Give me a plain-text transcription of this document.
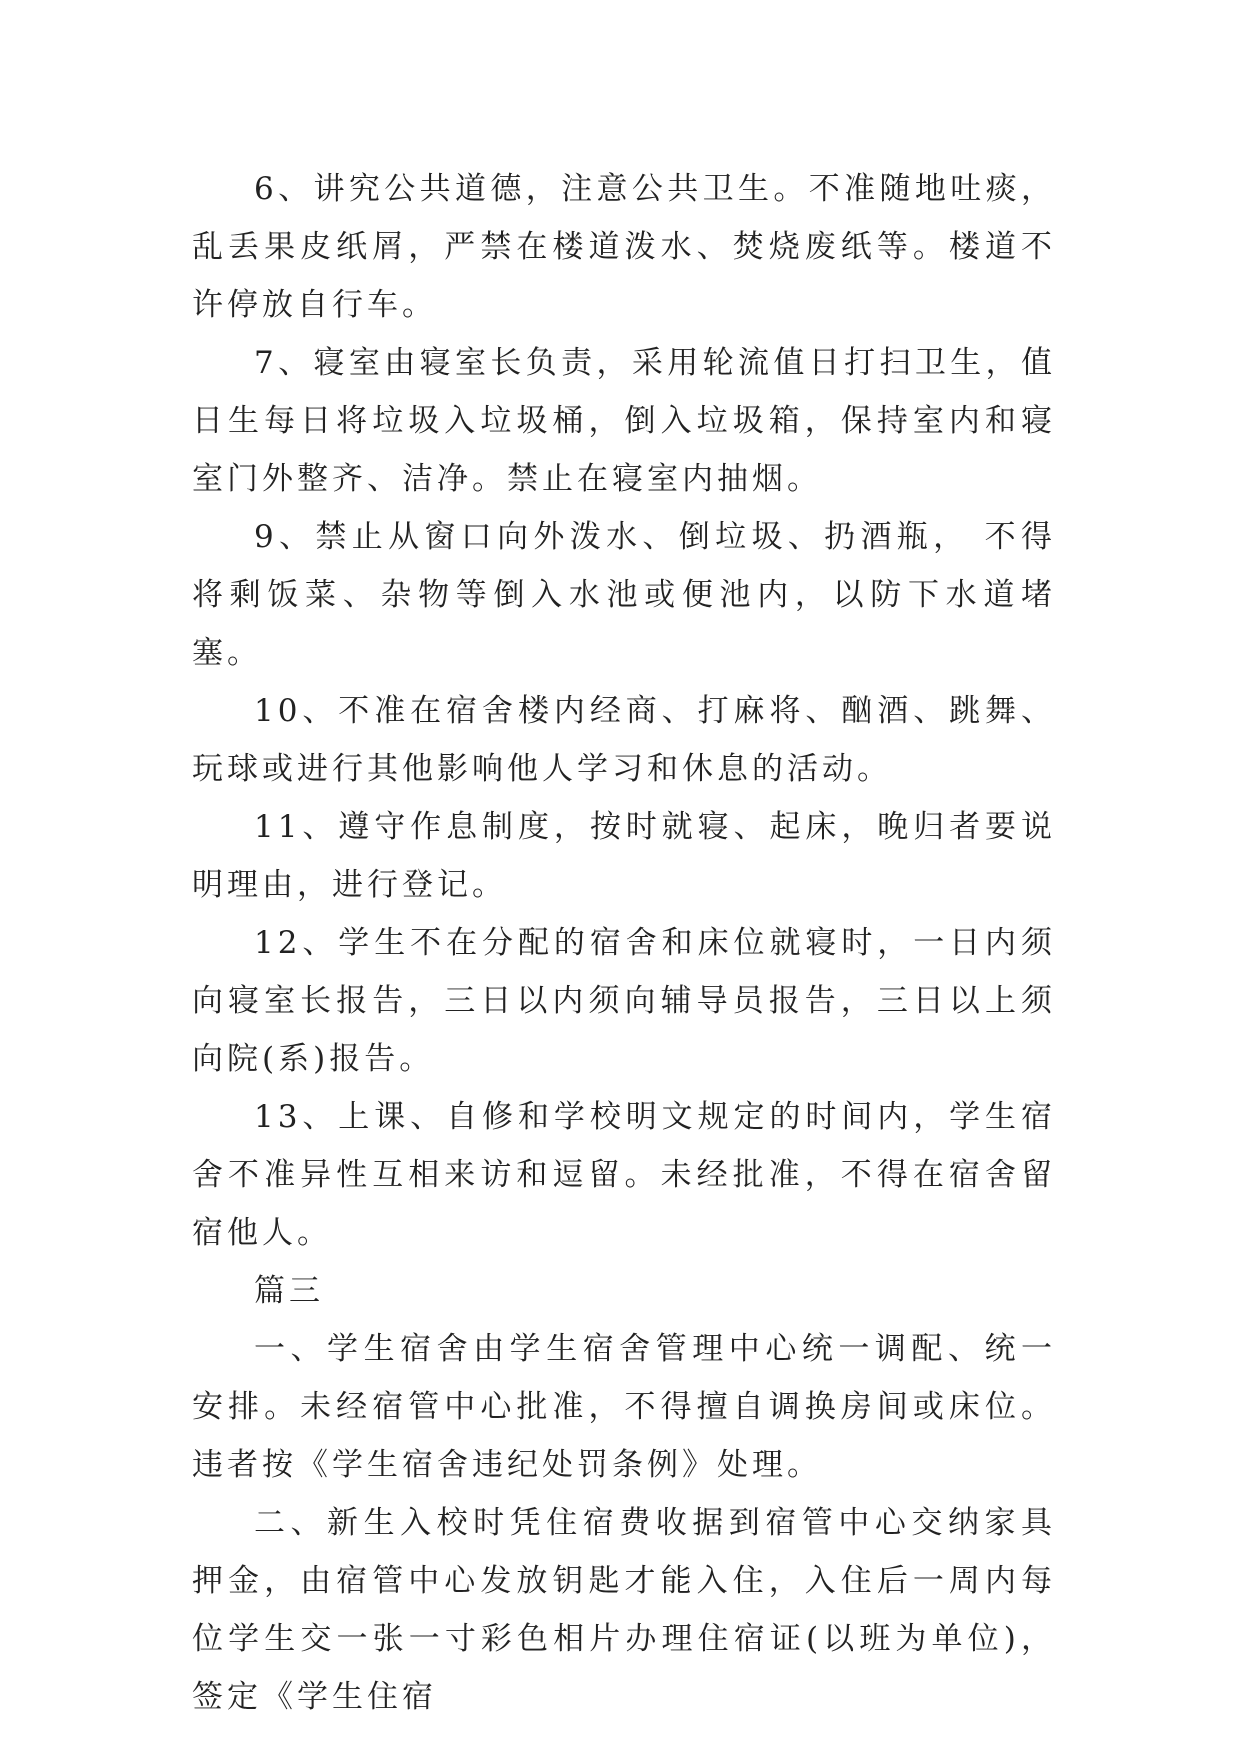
6、讲究公共道德，注意公共卫生。不准随地吐痰，乱丢果皮纸屑，严禁在楼道泼水、焚烧废纸等。楼道不许停放自行车。

7、寝室由寝室长负责，采用轮流值日打扫卫生，值日生每日将垃圾入垃圾桶，倒入垃圾箱，保持室内和寝室门外整齐、洁净。禁止在寝室内抽烟。

9、禁止从窗口向外泼水、倒垃圾、扔酒瓶， 不得将剩饭菜、杂物等倒入水池或便池内，以防下水道堵塞。

10、不准在宿舍楼内经商、打麻将、酗酒、跳舞、玩球或进行其他影响他人学习和休息的活动。

11、遵守作息制度，按时就寝、起床，晚归者要说明理由，进行登记。

12、学生不在分配的宿舍和床位就寝时，一日内须向寝室长报告，三日以内须向辅导员报告，三日以上须向院(系)报告。

13、上课、自修和学校明文规定的时间内，学生宿舍不准异性互相来访和逗留。未经批准，不得在宿舍留宿他人。

篇三

一、学生宿舍由学生宿舍管理中心统一调配、统一安排。未经宿管中心批准，不得擅自调换房间或床位。违者按《学生宿舍违纪处罚条例》处理。

二、新生入校时凭住宿费收据到宿管中心交纳家具押金，由宿管中心发放钥匙才能入住，入住后一周内每位学生交一张一寸彩色相片办理住宿证(以班为单位)，签定《学生住宿
